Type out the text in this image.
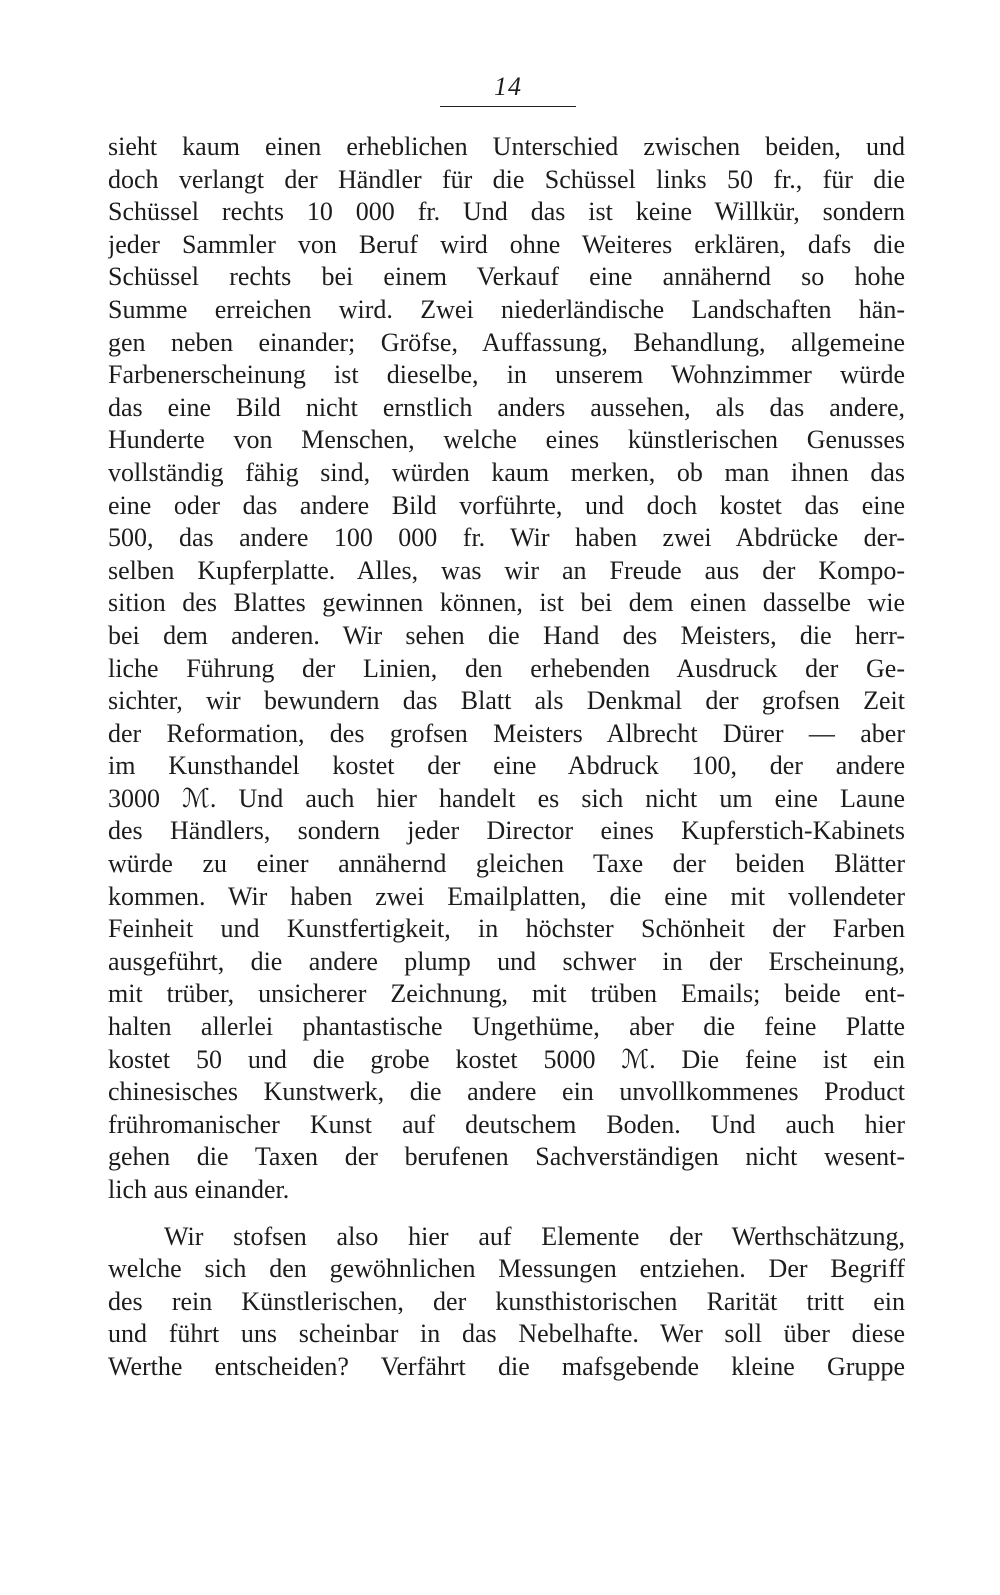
14
sieht kaum einen erheblichen Unterschied zwischen beiden, und
doch verlangt der Händler für die Schüssel links 50 fr., für die
Schüssel rechts 10 000 fr. Und das ist keine Willkür, sondern
jeder Sammler von Beruf wird ohne Weiteres erklären, dafs die
Schüssel rechts bei einem Verkauf eine annähernd so hohe
Summe erreichen wird. Zwei niederländische Landschaften hän-
gen neben einander; Gröfse, Auffassung, Behandlung, allgemeine
Farbenerscheinung ist dieselbe, in unserem Wohnzimmer würde
das eine Bild nicht ernstlich anders aussehen, als das andere,
Hunderte von Menschen, welche eines künstlerischen Genusses
vollständig fähig sind, würden kaum merken, ob man ihnen das
eine oder das andere Bild vorführte, und doch kostet das eine
500, das andere 100 000 fr. Wir haben zwei Abdrücke der-
selben Kupferplatte. Alles, was wir an Freude aus der Kompo-
sition des Blattes gewinnen können, ist bei dem einen dasselbe wie
bei dem anderen. Wir sehen die Hand des Meisters, die herr-
liche Führung der Linien, den erhebenden Ausdruck der Ge-
sichter, wir bewundern das Blatt als Denkmal der grofsen Zeit
der Reformation, des grofsen Meisters Albrecht Dürer — aber
im Kunsthandel kostet der eine Abdruck 100, der andere
3000 ℳ. Und auch hier handelt es sich nicht um eine Laune
des Händlers, sondern jeder Director eines Kupferstich-Kabinets
würde zu einer annähernd gleichen Taxe der beiden Blätter
kommen. Wir haben zwei Emailplatten, die eine mit vollendeter
Feinheit und Kunstfertigkeit, in höchster Schönheit der Farben
ausgeführt, die andere plump und schwer in der Erscheinung,
mit trüber, unsicherer Zeichnung, mit trüben Emails; beide ent-
halten allerlei phantastische Ungethüme, aber die feine Platte
kostet 50 und die grobe kostet 5000 ℳ. Die feine ist ein
chinesisches Kunstwerk, die andere ein unvollkommenes Product
frühromanischer Kunst auf deutschem Boden. Und auch hier
gehen die Taxen der berufenen Sachverständigen nicht wesent-
lich aus einander.
Wir stofsen also hier auf Elemente der Werthschätzung,
welche sich den gewöhnlichen Messungen entziehen. Der Begriff
des rein Künstlerischen, der kunsthistorischen Rarität tritt ein
und führt uns scheinbar in das Nebelhafte. Wer soll über diese
Werthe entscheiden? Verfährt die mafsgebende kleine Gruppe
